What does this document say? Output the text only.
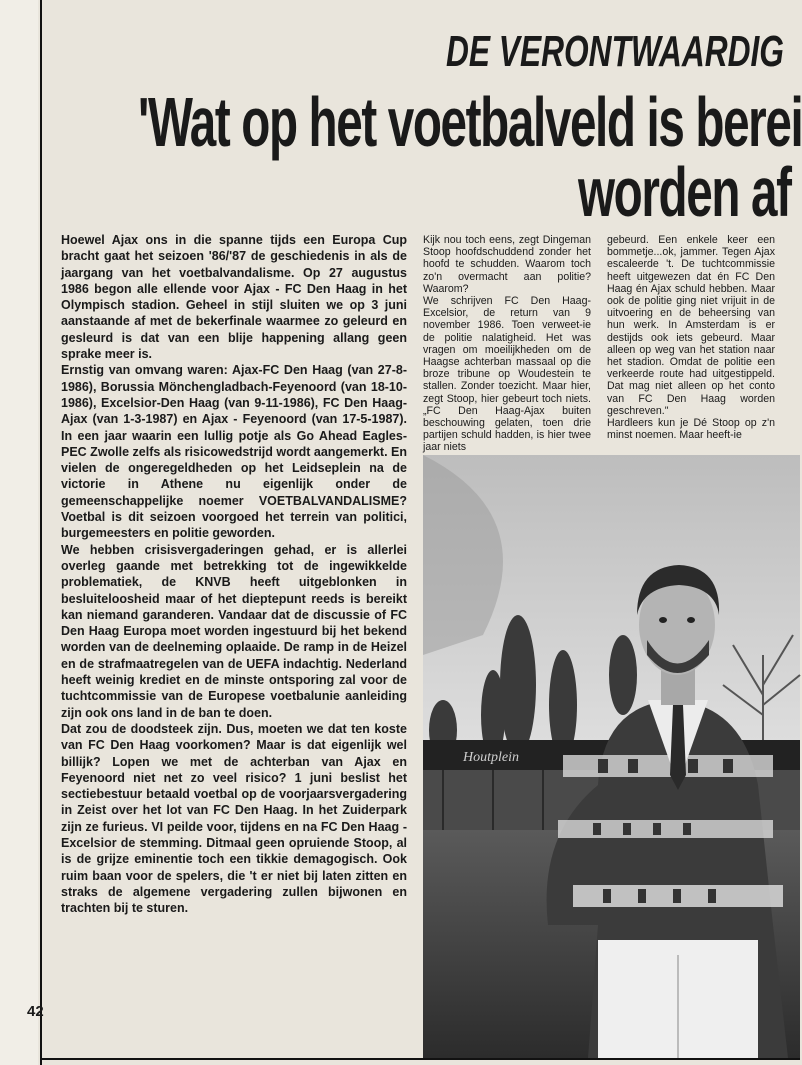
42
DE VERONTWAARDIG
'Wat op het voetbalveld is berei
worden af

Hoewel Ajax ons in die spanne tijds een Europa Cup bracht gaat het seizoen '86/'87 de geschiedenis in als de jaargang van het voetbalvandalisme. Op 27 augustus 1986 begon alle ellende voor Ajax - FC Den Haag in het Olympisch stadion. Geheel in stijl sluiten we op 3 juni aanstaande af met de bekerfinale waarmee zo geleurd en gesleurd is dat van een blije happening allang geen sprake meer is.

Ernstig van omvang waren: Ajax-FC Den Haag (van 27-8-1986), Borussia Mönchengladbach-Feyenoord (van 18-10-1986), Excelsior-Den Haag (van 9-11-1986), FC Den Haag-Ajax (van 1-3-1987) en Ajax - Feyenoord (van 17-5-1987). In een jaar waarin een lullig potje als Go Ahead Eagles-PEC Zwolle zelfs als risicowedstrijd wordt aangemerkt. En vielen de ongeregeldheden op het Leidseplein na de victorie in Athene nu eigenlijk onder de gemeenschappelijke noemer VOETBALVANDALISME? Voetbal is dit seizoen voorgoed het terrein van politici, burgemeesters en politie geworden.

We hebben crisisvergaderingen gehad, er is allerlei overleg gaande met betrekking tot de ingewikkelde problematiek, de KNVB heeft uitgeblonken in besluiteloosheid maar of het dieptepunt reeds is bereikt kan niemand garanderen. Vandaar dat de discussie of FC Den Haag Europa moet worden ingestuurd bij het bekend worden van de deelneming oplaaide. De ramp in de Heizel en de strafmaatregelen van de UEFA indachtig. Nederland heeft weinig krediet en de minste ontsporing zal voor de tuchtcommissie van de Europese voetbalunie aanleiding zijn ook ons land in de ban te doen.

Dat zou de doodsteek zijn. Dus, moeten we dat ten koste van FC Den Haag voorkomen? Maar is dat eigenlijk wel billijk? Lopen we met de achterban van Ajax en Feyenoord niet net zo veel risico? 1 juni beslist het sectiebestuur betaald voetbal op de voorjaarsvergadering in Zeist over het lot van FC Den Haag. In het Zuiderpark zijn ze furieus. VI peilde voor, tijdens en na FC Den Haag - Excelsior de stemming. Ditmaal geen opruiende Stoop, al is de grijze eminentie toch een tikkie demagogisch. Ook ruim baan voor de spelers, die 't er niet bij laten zitten en straks de algemene vergadering zullen bijwonen en trachten bij te sturen.

Kijk nou toch eens, zegt Dingeman Stoop hoofdschuddend zonder het hoofd te schudden. Waarom toch zo'n overmacht aan politie? Waarom?

We schrijven FC Den Haag-Excelsior, de return van 9 november 1986. Toen verweet-ie de politie nalatigheid. Het was vragen om moeilijkheden om de Haagse achterban massaal op die broze tribune op Woudestein te stallen. Zonder toezicht. Maar hier, zegt Stoop, hier gebeurt toch niets. „FC Den Haag-Ajax buiten beschouwing gelaten, toen drie partijen schuld hadden, is hier twee jaar niets

gebeurd. Een enkele keer een bommetje...ok, jammer. Tegen Ajax escaleerde 't. De tuchtcommissie heeft uitgewezen dat én FC Den Haag én Ajax schuld hebben. Maar ook de politie ging niet vrijuit in de uitvoering en de beheersing van hun werk. In Amsterdam is er destijds ook iets gebeurd. Maar alleen op weg van het station naar het stadion. Omdat de politie een verkeerde route had uitgestippeld. Dat mag niet alleen op het conto van FC Den Haag worden geschreven."

Hardleers kun je Dé Stoop op z'n minst noemen. Maar heeft-ie

Houtplein
